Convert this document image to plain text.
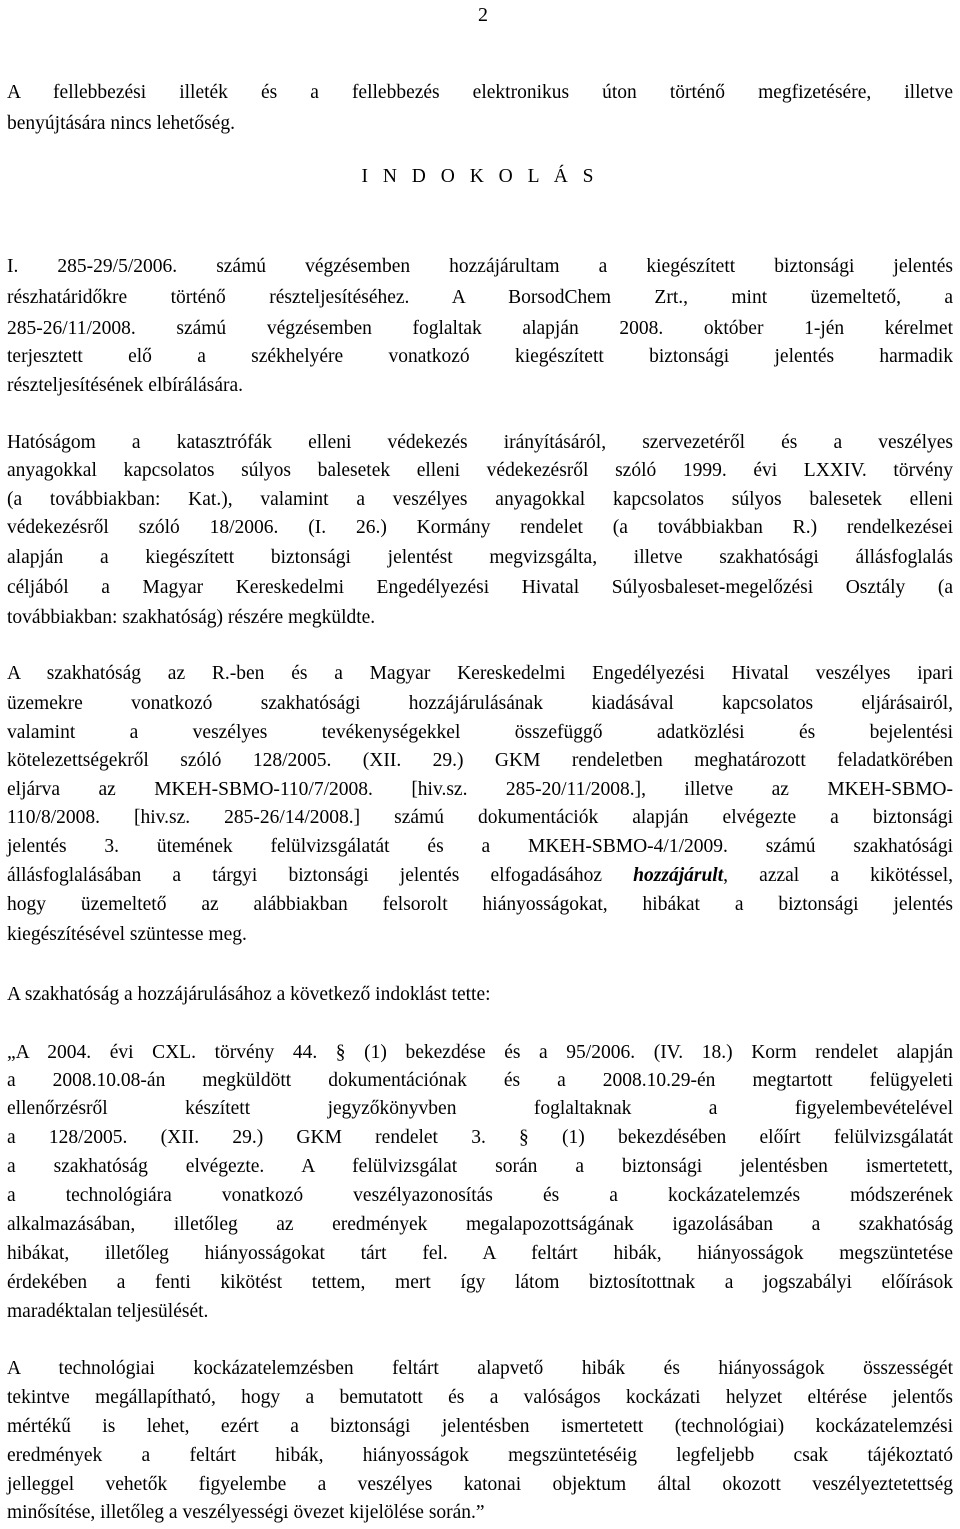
2
A fellebbezési illeték és a fellebbezés elektronikus úton történő megfizetésére, illetve
benyújtására nincs lehetőség.
I N D O K O L Á S
I. 285-29/5/2006. számú végzésemben hozzájárultam a kiegészített biztonsági jelentés
részhatáridőkre történő részteljesítéséhez. A BorsodChem Zrt., mint üzemeltető, a
285-26/11/2008. számú végzésemben foglaltak alapján 2008. október 1-jén kérelmet
terjesztett elő a székhelyére vonatkozó kiegészített biztonsági jelentés harmadik
részteljesítésének elbírálására.
Hatóságom a katasztrófák elleni védekezés irányításáról, szervezetéről és a veszélyes
anyagokkal kapcsolatos súlyos balesetek elleni védekezésről szóló 1999. évi LXXIV. törvény
(a továbbiakban: Kat.), valamint a veszélyes anyagokkal kapcsolatos súlyos balesetek elleni
védekezésről szóló 18/2006. (I. 26.) Kormány rendelet (a továbbiakban R.) rendelkezései
alapján a kiegészített biztonsági jelentést megvizsgálta, illetve szakhatósági állásfoglalás
céljából a Magyar Kereskedelmi Engedélyezési Hivatal Súlyosbaleset-megelőzési Osztály (a
továbbiakban: szakhatóság) részére megküldte.
A szakhatóság az R.-ben és a Magyar Kereskedelmi Engedélyezési Hivatal veszélyes ipari
üzemekre vonatkozó szakhatósági hozzájárulásának kiadásával kapcsolatos eljárásairól,
valamint a veszélyes tevékenységekkel összefüggő adatközlési és bejelentési
kötelezettségekről szóló 128/2005. (XII. 29.) GKM rendeletben meghatározott feladatkörében
eljárva az MKEH-SBMO-110/7/2008. [hiv.sz. 285-20/11/2008.], illetve az MKEH-SBMO-
110/8/2008. [hiv.sz. 285-26/14/2008.] számú dokumentációk alapján elvégezte a biztonsági
jelentés 3. ütemének felülvizsgálatát és a MKEH-SBMO-4/1/2009. számú szakhatósági
állásfoglalásában a tárgyi biztonsági jelentés elfogadásához hozzájárult, azzal a kikötéssel,
hogy üzemeltető az alábbiakban felsorolt hiányosságokat, hibákat a biztonsági jelentés
kiegészítésével szüntesse meg.
A szakhatóság a hozzájárulásához a következő indoklást tette:
„A 2004. évi CXL. törvény 44. § (1) bekezdése és a 95/2006. (IV. 18.) Korm rendelet alapján
a 2008.10.08-án megküldött dokumentációnak és a 2008.10.29-én megtartott felügyeleti
ellenőrzésről készített jegyzőkönyvben foglaltaknak a figyelembevételével
a 128/2005. (XII. 29.) GKM rendelet 3. § (1) bekezdésében előírt felülvizsgálatát
a szakhatóság elvégezte. A felülvizsgálat során a biztonsági jelentésben ismertetett,
a technológiára vonatkozó veszélyazonosítás és a kockázatelemzés módszerének
alkalmazásában, illetőleg az eredmények megalapozottságának igazolásában a szakhatóság
hibákat, illetőleg hiányosságokat tárt fel. A feltárt hibák, hiányosságok megszüntetése
érdekében a fenti kikötést tettem, mert így látom biztosítottnak a jogszabályi előírások
maradéktalan teljesülését.
A technológiai kockázatelemzésben feltárt alapvető hibák és hiányosságok összességét
tekintve megállapítható, hogy a bemutatott és a valóságos kockázati helyzet eltérése jelentős
mértékű is lehet, ezért a biztonsági jelentésben ismertetett (technológiai) kockázatelemzési
eredmények a feltárt hibák, hiányosságok megszüntetéséig legfeljebb csak tájékoztató
jelleggel vehetők figyelembe a veszélyes katonai objektum által okozott veszélyeztetettség
minősítése, illetőleg a veszélyességi övezet kijelölése során.”
